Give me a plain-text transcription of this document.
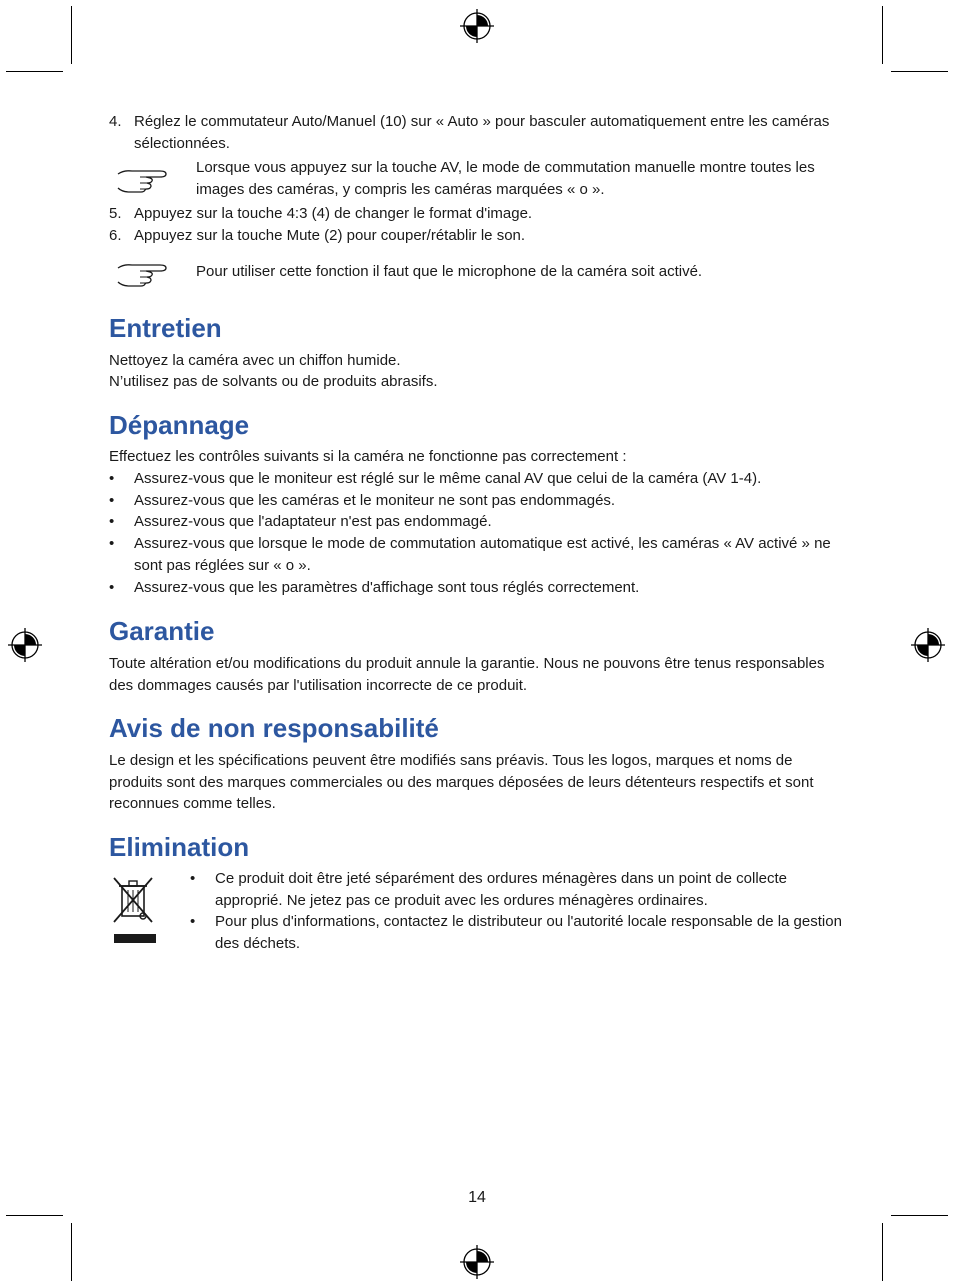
4. Réglez le commutateur Auto/Manuel (10) sur « Auto » pour basculer automatiquement entre les caméras sélectionnées.
Lorsque vous appuyez sur la touche AV, le mode de commutation manuelle montre toutes les images des caméras, y compris les caméras marquées « o ».
5. Appuyez sur la touche 4:3 (4) de changer le format d'image.
6. Appuyez sur la touche Mute (2) pour couper/rétablir le son.
Pour utiliser cette fonction il faut que le microphone de la caméra soit activé.
Entretien
Nettoyez la caméra avec un chiffon humide.
N’utilisez pas de solvants ou de produits abrasifs.
Dépannage
Effectuez les contrôles suivants si la caméra ne fonctionne pas correctement :
• Assurez-vous que le moniteur est réglé sur le même canal AV que celui de la caméra (AV 1-4).
• Assurez-vous que les caméras et le moniteur ne sont pas endommagés.
• Assurez-vous que l'adaptateur n'est pas endommagé.
• Assurez-vous que lorsque le mode de commutation automatique est activé, les caméras « AV activé » ne sont pas réglées sur « o ».
• Assurez-vous que les paramètres d'affichage sont tous réglés correctement.
Garantie
Toute altération et/ou modifications du produit annule la garantie. Nous ne pouvons être tenus responsables des dommages causés par l'utilisation incorrecte de ce produit.
Avis de non responsabilité
Le design et les spécifications peuvent être modifiés sans préavis. Tous les logos, marques et noms de produits sont des marques commerciales ou des marques déposées de leurs détenteurs respectifs et sont reconnues comme telles.
Elimination
• Ce produit doit être jeté séparément des ordures ménagères dans un point de collecte approprié. Ne jetez pas ce produit avec les ordures ménagères ordinaires.
• Pour plus d'informations, contactez le distributeur ou l'autorité locale responsable de la gestion des déchets.
14
